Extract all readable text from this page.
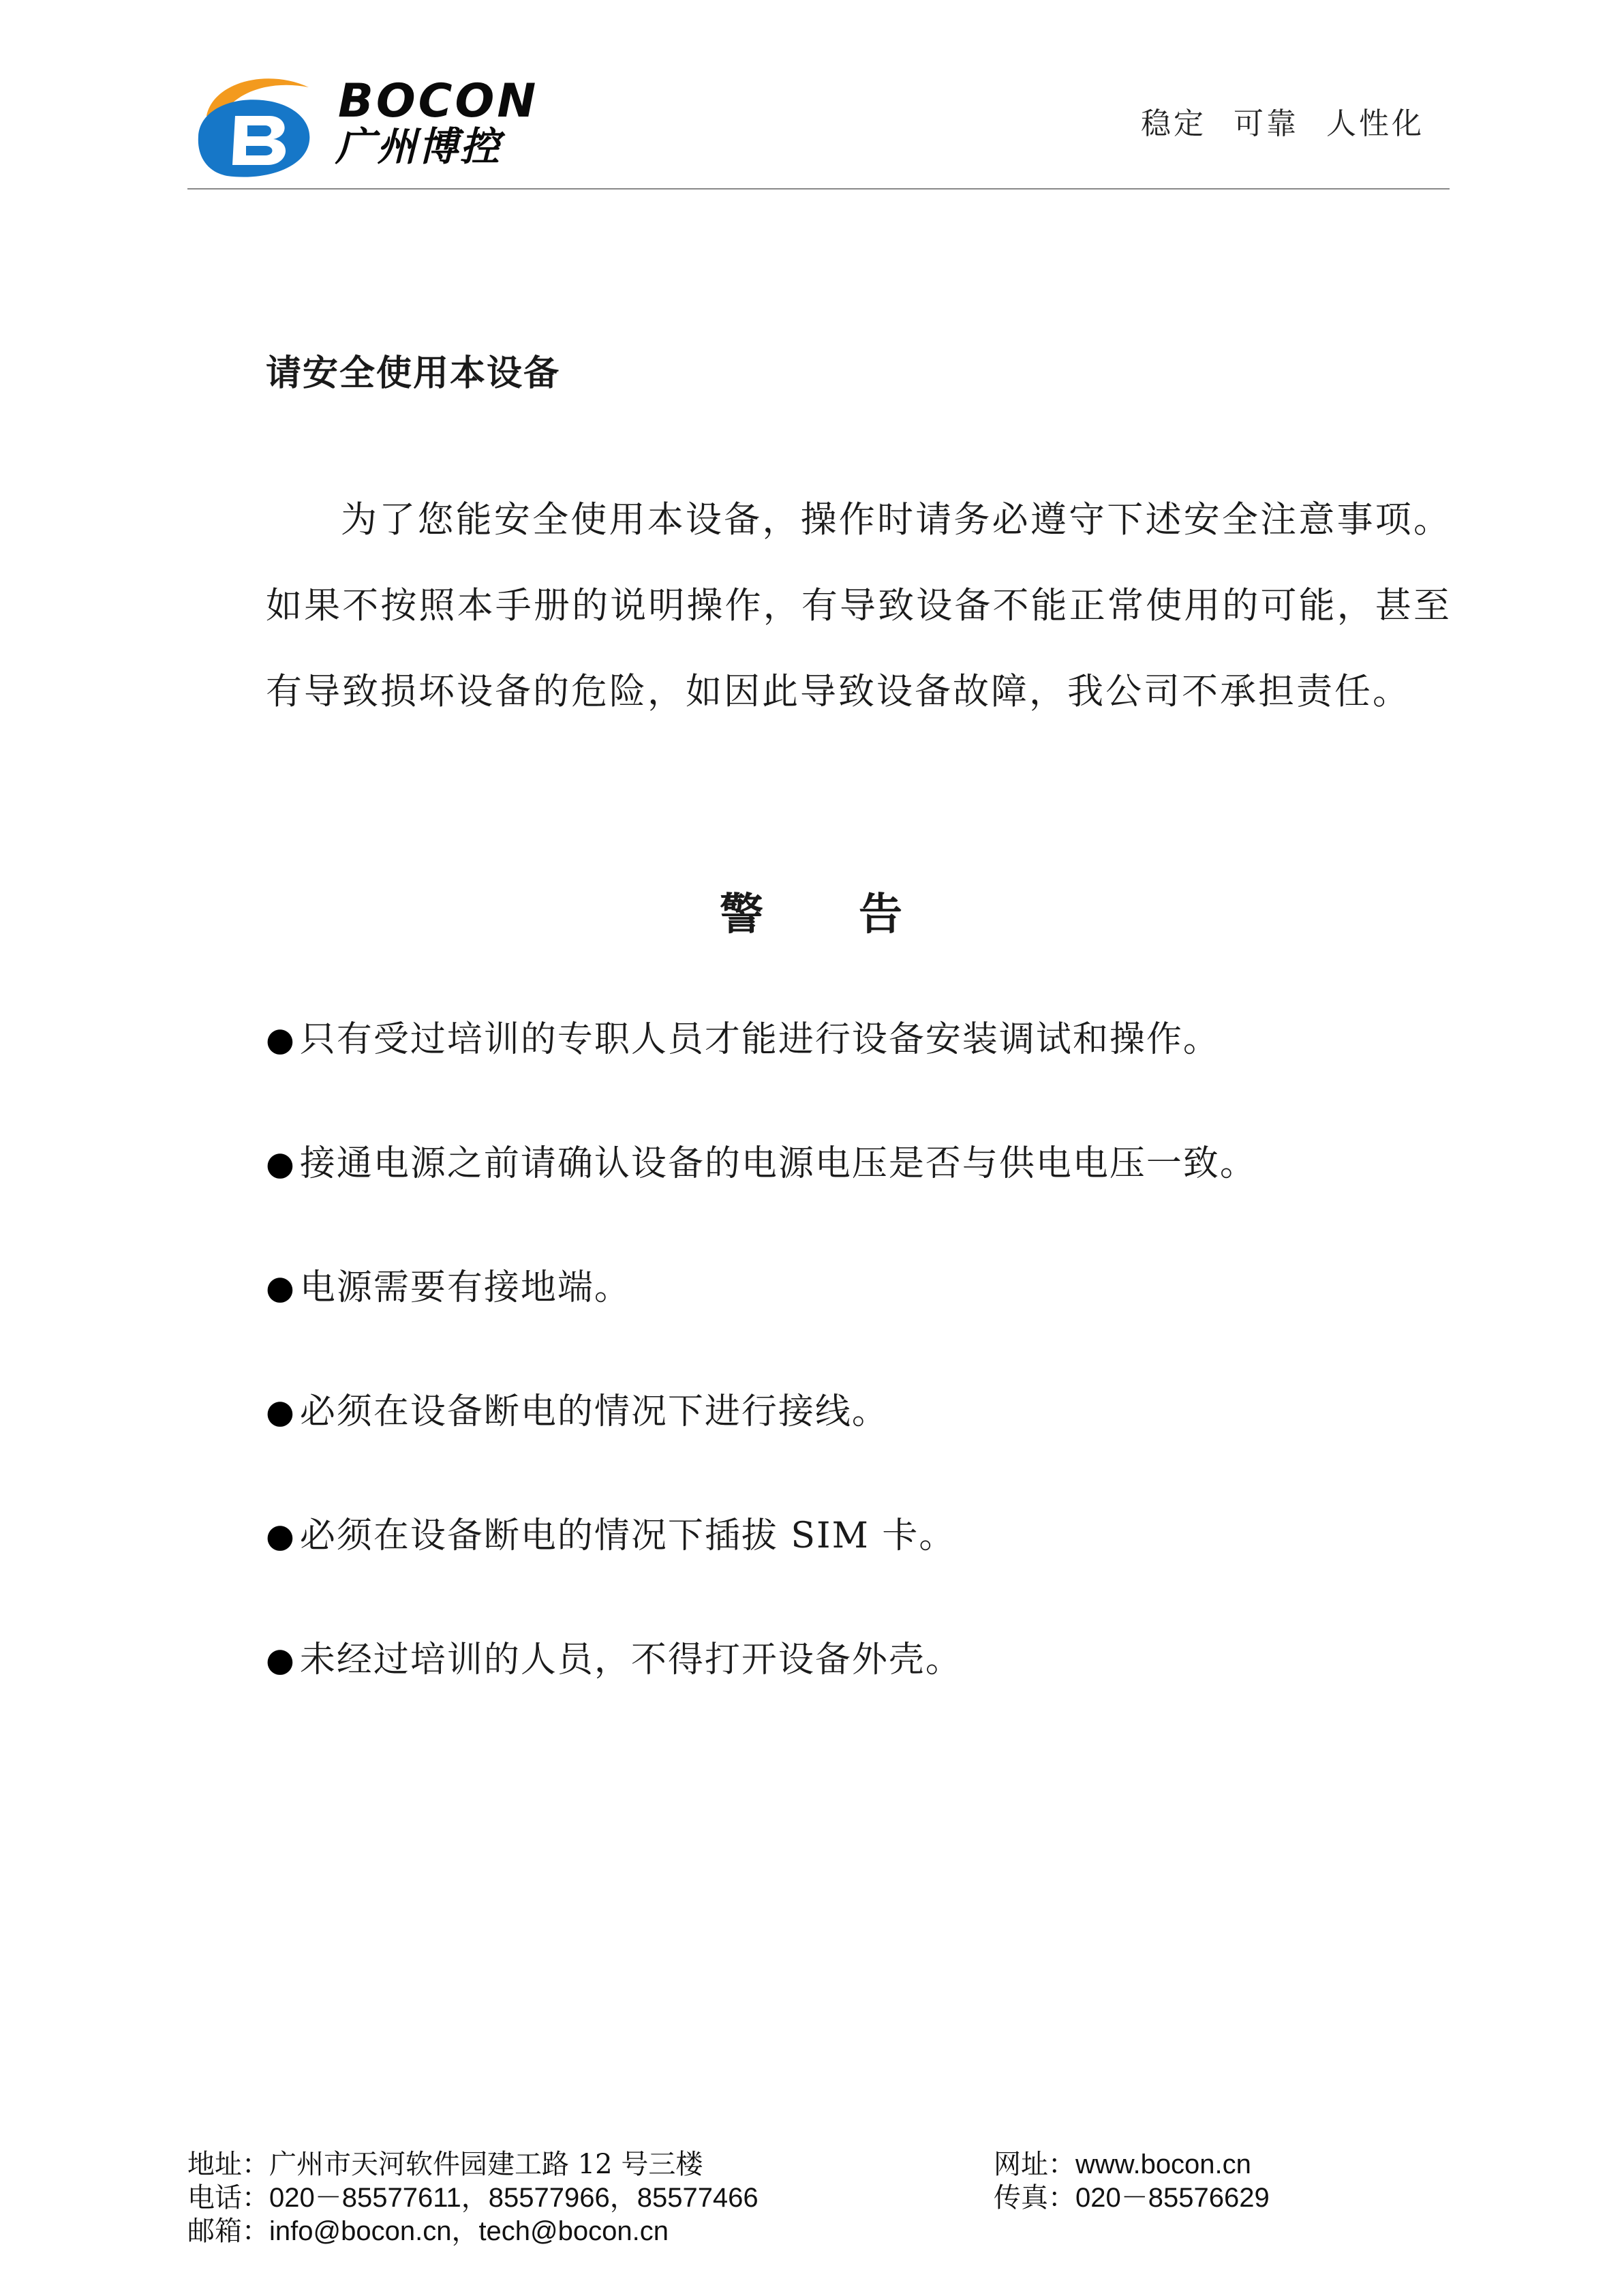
BOCON
广州博控	稳定 可靠 人性化
请安全使用本设备

为了您能安全使用本设备，操作时请务必遵守下述安全注意事项。如果不按照本手册的说明操作，有导致设备不能正常使用的可能，甚至有导致损坏设备的危险，如因此导致设备故障，我公司不承担责任。

警告
● 只有受过培训的专职人员才能进行设备安装调试和操作。
● 接通电源之前请确认设备的电源电压是否与供电电压一致。
● 电源需要有接地端。
● 必须在设备断电的情况下进行接线。
● 必须在设备断电的情况下插拔 SIM 卡。
● 未经过培训的人员，不得打开设备外壳。
地址：广州市天河软件园建工路 12 号三楼
电话：020－85577611，85577966，85577466
邮箱：info@bocon.cn，tech@bocon.cn
网址：www.bocon.cn
传真：020－85576629
